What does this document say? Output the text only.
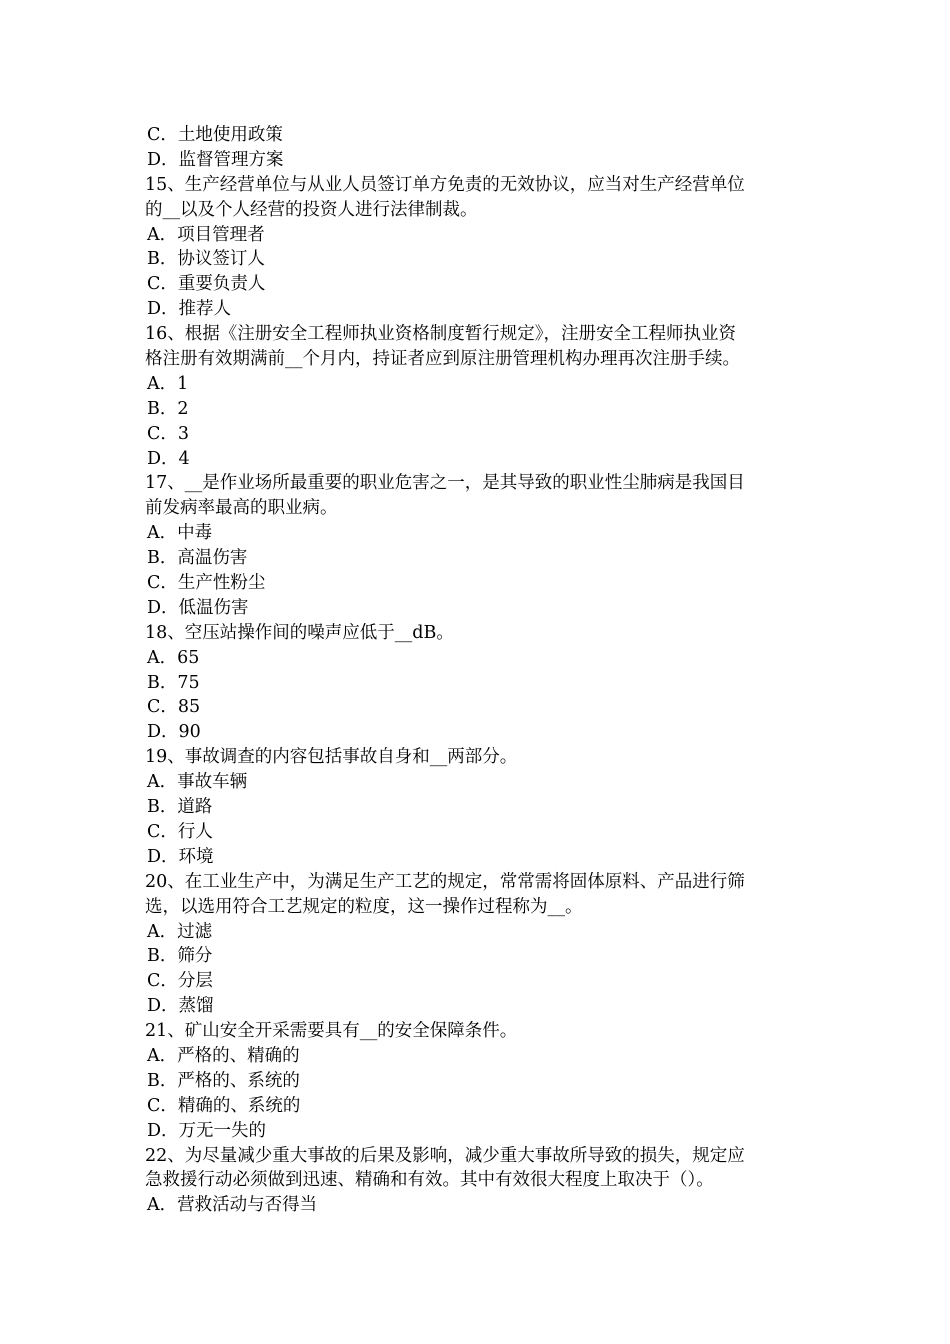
C．土地使用政策
D．监督管理方案
15、生产经营单位与从业人员签订单方免责的无效协议，应当对生产经营单位
的__以及个人经营的投资人进行法律制裁。
A．项目管理者
B．协议签订人
C．重要负责人
D．推荐人
16、根据《注册安全工程师执业资格制度暂行规定》，注册安全工程师执业资
格注册有效期满前__个月内，持证者应到原注册管理机构办理再次注册手续。
A．1
B．2
C．3
D．4
17、__是作业场所最重要的职业危害之一，是其导致的职业性尘肺病是我国目
前发病率最高的职业病。
A．中毒
B．高温伤害
C．生产性粉尘
D．低温伤害
18、空压站操作间的噪声应低于__dB。
A．65
B．75
C．85
D．90
19、事故调查的内容包括事故自身和__两部分。
A．事故车辆
B．道路
C．行人
D．环境
20、在工业生产中，为满足生产工艺的规定，常常需将固体原料、产品进行筛
选，以选用符合工艺规定的粒度，这一操作过程称为__。
A．过滤
B．筛分
C．分层
D．蒸馏
21、矿山安全开采需要具有__的安全保障条件。
A．严格的、精确的
B．严格的、系统的
C．精确的、系统的
D．万无一失的
22、为尽量减少重大事故的后果及影响，减少重大事故所导致的损失，规定应
急救援行动必须做到迅速、精确和有效。其中有效很大程度上取决于（）。
A．营救活动与否得当
